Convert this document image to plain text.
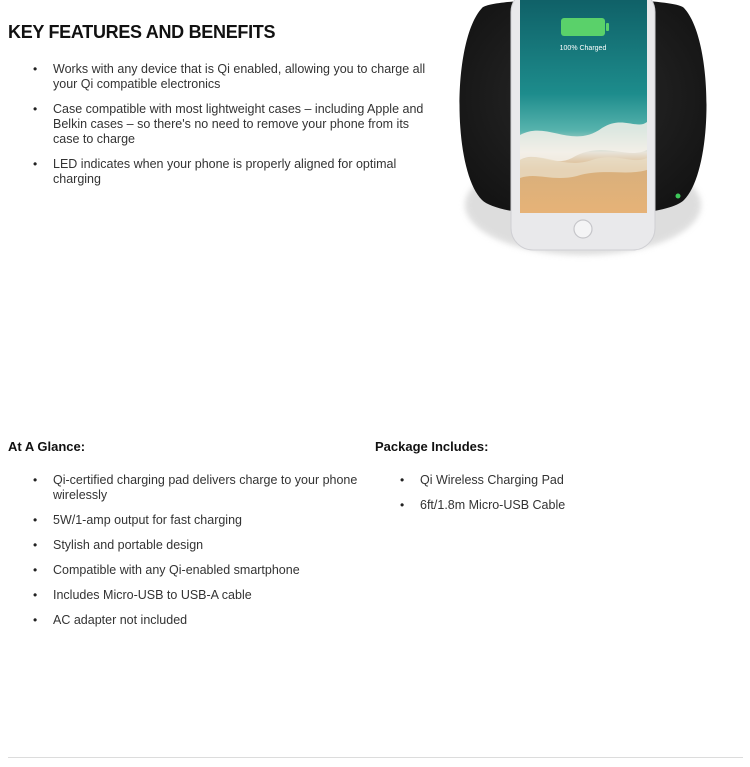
KEY FEATURES AND BENEFITS
• Works with any device that is Qi enabled, allowing you to charge all your Qi compatible electronics
• Case compatible with most lightweight cases – including Apple and Belkin cases – so there's no need to remove your phone from its case to charge
• LED indicates when your phone is properly aligned for optimal charging
100% Charged
At A Glance:
• Qi-certified charging pad delivers charge to your phone wirelessly
• 5W/1-amp output for fast charging
• Stylish and portable design
• Compatible with any Qi-enabled smartphone
• Includes Micro-USB to USB-A cable
• AC adapter not included
Package Includes:
• Qi Wireless Charging Pad
• 6ft/1.8m Micro-USB Cable
